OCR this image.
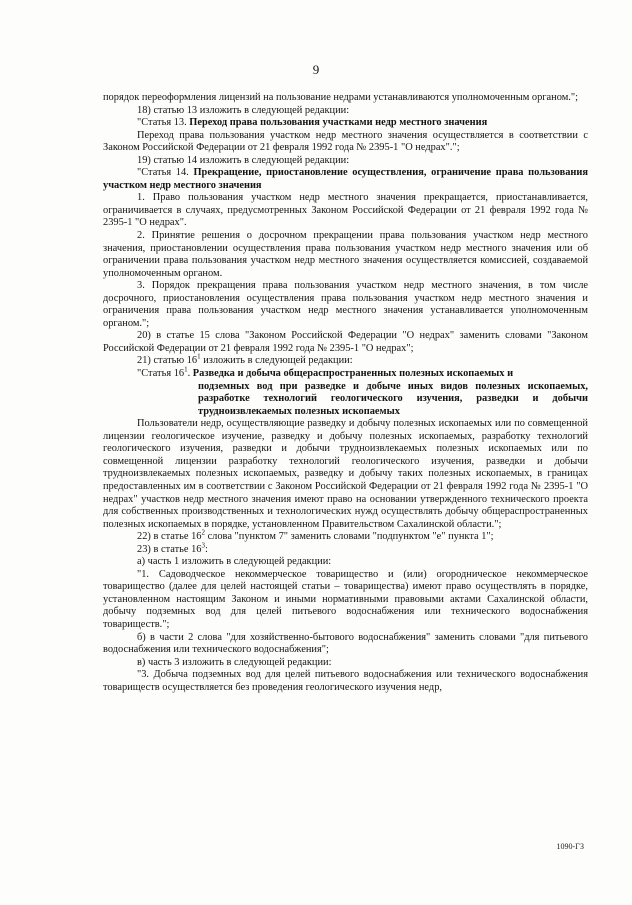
9

порядок переоформления лицензий на пользование недрами устанавливаются уполномоченным органом.";

18) статью 13 изложить в следующей редакции:

"Статья 13. Переход права пользования участками недр местного значения

Переход права пользования участком недр местного значения осуществляется в соответствии с Законом Российской Федерации от 21 февраля 1992 года № 2395-1 "О недрах".";

19) статью 14 изложить в следующей редакции:

"Статья 14. Прекращение, приостановление осуществления, ограничение права пользования участком недр местного значения

1. Право пользования участком недр местного значения прекращается, приостанавливается, ограничивается в случаях, предусмотренных Законом Российской Федерации от 21 февраля 1992 года № 2395-1 "О недрах".

2. Принятие решения о досрочном прекращении права пользования участком недр местного значения, приостановлении осуществления права пользования участком недр местного значения или об ограничении права пользования участком недр местного значения осуществляется комиссией, создаваемой уполномоченным органом.

3. Порядок прекращения права пользования участком недр местного значения, в том числе досрочного, приостановления осуществления права пользования участком недр местного значения и ограничения права пользования участком недр местного значения устанавливается уполномоченным органом.";

20) в статье 15 слова "Законом Российской Федерации "О недрах" заменить словами "Законом Российской Федерации от 21 февраля 1992 года № 2395-1 "О недрах";

21) статью $16^1$ изложить в следующей редакции:

"Статья $16^1$. Разведка и добыча общераспространенных полезных ископаемых и

подземных вод при разведке и добыче иных видов полезных ископаемых, разработке технологий геологического изучения, разведки и добычи трудноизвлекаемых полезных ископаемых

Пользователи недр, осуществляющие разведку и добычу полезных ископаемых или по совмещенной лицензии геологическое изучение, разведку и добычу полезных ископаемых, разработку технологий геологического изучения, разведки и добычи трудноизвлекаемых полезных ископаемых или по совмещенной лицензии разработку технологий геологического изучения, разведки и добычи трудноизвлекаемых полезных ископаемых, разведку и добычу таких полезных ископаемых, в границах предоставленных им в соответствии с Законом Российской Федерации от 21 февраля 1992 года № 2395-1 "О недрах" участков недр местного значения имеют право на основании утвержденного технического проекта для собственных производственных и технологических нужд осуществлять добычу общераспространенных полезных ископаемых в порядке, установленном Правительством Сахалинской области.";

22) в статье $16^2$ слова "пунктом 7" заменить словами "подпунктом "е" пункта 1";

23) в статье $16^3$:

а) часть 1 изложить в следующей редакции:

"1. Садоводческое некоммерческое товарищество и (или) огородническое некоммерческое товарищество (далее для целей настоящей статьи – товарищества) имеют право осуществлять в порядке, установленном настоящим Законом и иными нормативными правовыми актами Сахалинской области, добычу подземных вод для целей питьевого водоснабжения или технического водоснабжения товариществ.";

б) в части 2 слова "для хозяйственно-бытового водоснабжения" заменить словами "для питьевого водоснабжения или технического водоснабжения";

в) часть 3 изложить в следующей редакции:

"3. Добыча подземных вод для целей питьевого водоснабжения или технического водоснабжения товариществ осуществляется без проведения геологического изучения недр,

1090-ГЗ
